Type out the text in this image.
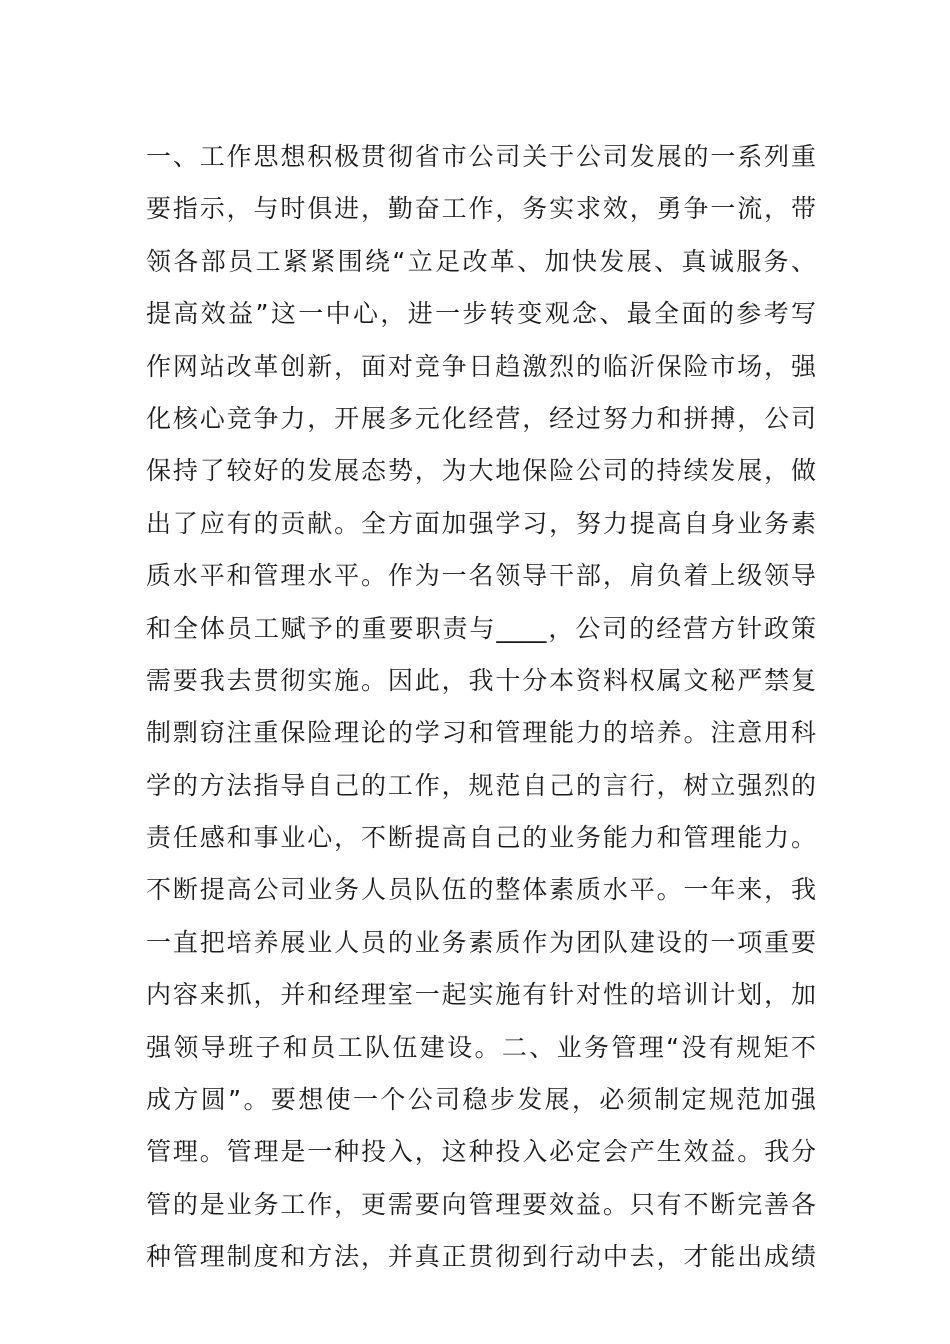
一、工作思想积极贯彻省市公司关于公司发展的一系列重
要指示，与时俱进，勤奋工作，务实求效，勇争一流，带
领各部员工紧紧围绕“立足改革、加快发展、真诚服务、
提高效益”这一中心，进一步转变观念、最全面的参考写
作网站改革创新，面对竞争日趋激烈的临沂保险市场，强
化核心竞争力，开展多元化经营，经过努力和拼搏，公司
保持了较好的发展态势，为大地保险公司的持续发展，做
出了应有的贡献。全方面加强学习，努力提高自身业务素
质水平和管理水平。作为一名领导干部，肩负着上级领导
和全体员工赋予的重要职责与____，公司的经营方针政策
需要我去贯彻实施。因此，我十分本资料权属文秘严禁复
制剽窃注重保险理论的学习和管理能力的培养。注意用科
学的方法指导自己的工作，规范自己的言行，树立强烈的
责任感和事业心，不断提高自己的业务能力和管理能力。
不断提高公司业务人员队伍的整体素质水平。一年来，我
一直把培养展业人员的业务素质作为团队建设的一项重要
内容来抓，并和经理室一起实施有针对性的培训计划，加
强领导班子和员工队伍建设。二、业务管理“没有规矩不
成方圆”。要想使一个公司稳步发展，必须制定规范加强
管理。管理是一种投入，这种投入必定会产生效益。我分
管的是业务工作，更需要向管理要效益。只有不断完善各
种管理制度和方法，并真正贯彻到行动中去，才能出成绩
